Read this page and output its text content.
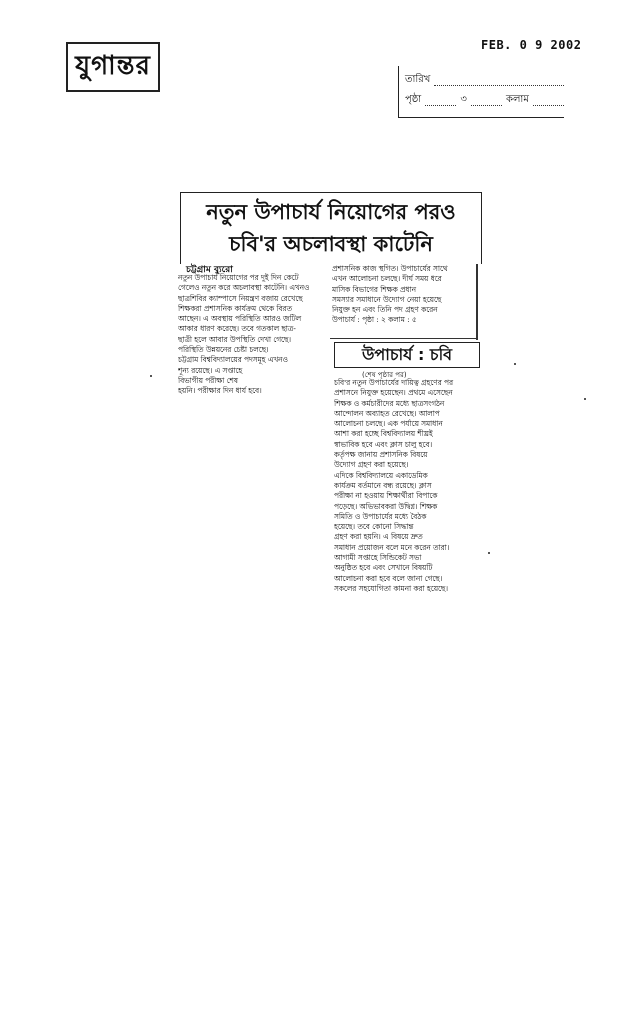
যুগান্তর
FEB. 0 9 2002
তারিখ
পৃষ্ঠা	৩	কলাম
নতুন উপাচার্য নিয়োগের পরও
চবি'র অচলাবস্থা কাটেনি
চট্টগ্রাম ব্যুরো
নতুন উপাচার্য নিয়োগের পর দুই দিন কেটে
গেলেও নতুন করে অচলাবস্থা কাটেনি। এখনও
ছাত্রশিবির ক্যাম্পাসে নিয়ন্ত্রণ বজায় রেখেছে
শিক্ষকরা প্রশাসনিক কার্যক্রম থেকে বিরত
আছেন। এ অবস্থায় পরিস্থিতি আরও জটিল
আকার ধারণ করেছে। তবে গতকাল ছাত্র-
ছাত্রী হলে আবার উপস্থিতি দেখা গেছে।
পরিস্থিতি উন্নয়নের চেষ্টা চলছে।
চট্টগ্রাম বিশ্ববিদ্যালয়ের পদসমূহ এখনও
শূন্য রয়েছে। এ সপ্তাহে
বিভাগীয় পরীক্ষা শেষ
হয়নি। পরীক্ষার দিন ধার্য হবে।
প্রশাসনিক কাজ স্থগিত। উপাচার্যের সাথে
এখন আলোচনা চলছে। দীর্ঘ সময় ধরে
মাসিক বিভাগের শিক্ষক প্রধান
সমস্যার সমাধানে উদ্যোগ নেয়া হয়েছে
নিযুক্ত হন এবং তিনি পদ গ্রহণ করেন
উপাচার্য : পৃষ্ঠা : ২ কলাম : ৫
উপাচার্য : চবি
(শেষ পৃষ্ঠার পর)
চবি'র নতুন উপাচার্যের দায়িত্ব গ্রহণের পর
প্রশাসনে নিযুক্ত হয়েছেন। প্রথমে এসেছেন
শিক্ষক ও কর্মচারীদের মধ্যে ছাত্রসংগঠন
আন্দোলন অব্যাহত রেখেছে। আলাপ
আলোচনা চলছে। এক পর্যায়ে সমাধান
আশা করা হচ্ছে বিশ্ববিদ্যালয় শীঘ্রই
স্বাভাবিক হবে এবং ক্লাস চালু হবে।
কর্তৃপক্ষ জানায় প্রশাসনিক বিষয়ে
উদ্যোগ গ্রহণ করা হয়েছে।
এদিকে বিশ্ববিদ্যালয়ে একাডেমিক
কার্যক্রম বর্তমানে বন্ধ রয়েছে। ক্লাস
পরীক্ষা না হওয়ায় শিক্ষার্থীরা বিপাকে
পড়েছে। অভিভাবকরা উদ্বিগ্ন। শিক্ষক
সমিতি ও উপাচার্যের মধ্যে বৈঠক
হয়েছে। তবে কোনো সিদ্ধান্ত
গ্রহণ করা হয়নি। এ বিষয়ে দ্রুত
সমাধান প্রয়োজন বলে মনে করেন তারা।
আগামী সপ্তাহে সিন্ডিকেট সভা
অনুষ্ঠিত হবে এবং সেখানে বিষয়টি
আলোচনা করা হবে বলে জানা গেছে।
সকলের সহযোগিতা কামনা করা হয়েছে।
